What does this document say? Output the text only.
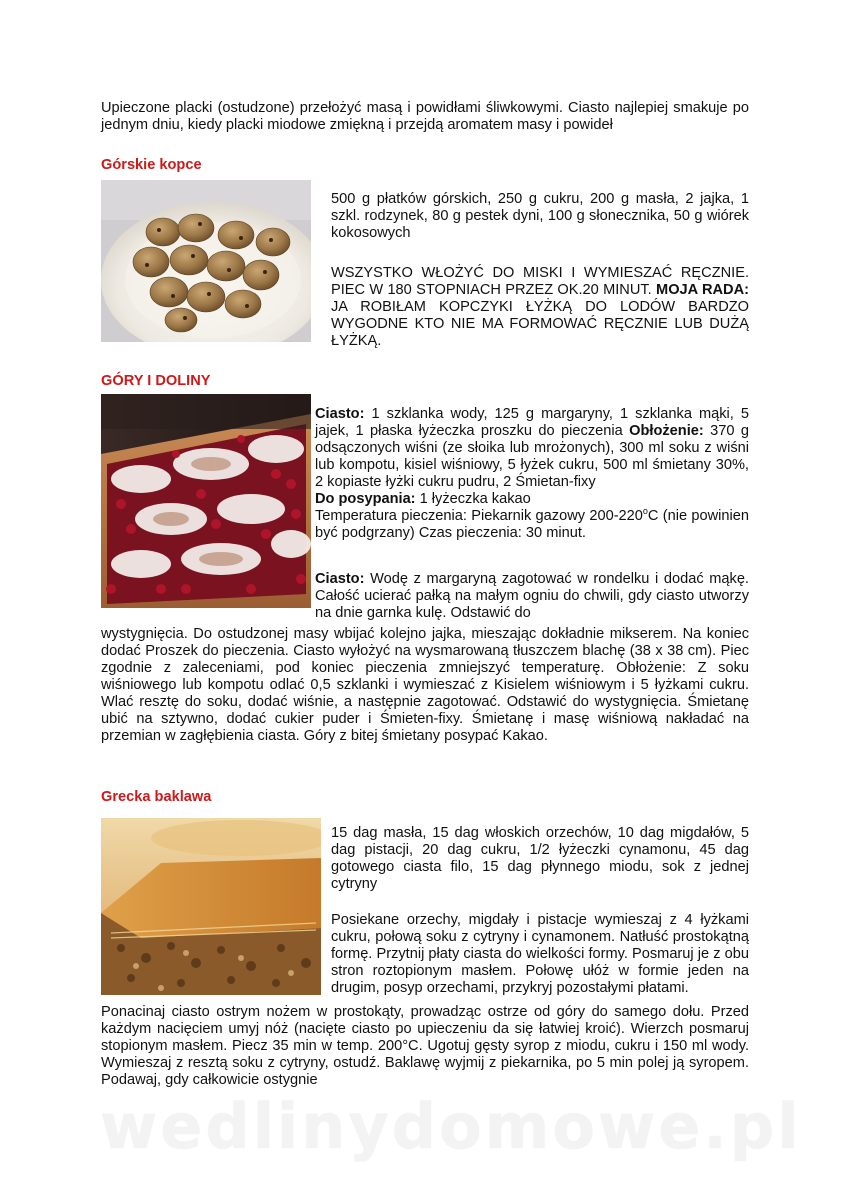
Upieczone placki (ostudzone) przełożyć masą i powidłami śliwkowymi. Ciasto najlepiej smakuje po jednym dniu, kiedy placki miodowe zmiękną i przejdą aromatem masy i powideł

Górskie kopce

500 g płatków górskich, 250 g cukru, 200 g masła, 2 jajka, 1 szkl. rodzynek, 80 g pestek dyni, 100 g słonecznika, 50 g wiórek kokosowych

WSZYSTKO WŁOŻYĆ DO MISKI I WYMIESZAĆ RĘCZNIE. PIEC W 180 STOPNIACH PRZEZ OK.20 MINUT. MOJA RADA: JA ROBIŁAM KOPCZYKI ŁYŻKĄ DO LODÓW BARDZO WYGODNE KTO NIE MA FORMOWAĆ RĘCZNIE LUB DUŻĄ ŁYŻKĄ.

GÓRY I DOLINY

Ciasto: 1 szklanka wody, 125 g margaryny, 1 szklanka mąki, 5 jajek, 1 płaska łyżeczka proszku do pieczenia Obłożenie: 370 g odsączonych wiśni (ze słoika lub mrożonych), 300 ml soku z wiśni lub kompotu, kisiel wiśniowy, 5 łyżek cukru, 500 ml śmietany 30%, 2 kopiaste łyżki cukru pudru, 2 Śmietan-fixy
Do posypania: 1 łyżeczka kakao
Temperatura pieczenia: Piekarnik gazowy 200-220$^o$C (nie powinien być podgrzany) Czas pieczenia: 30 minut.

Ciasto: Wodę z margaryną zagotować w rondelku i dodać mąkę. Całość ucierać pałką na małym ogniu do chwili, gdy ciasto utworzy na dnie garnka kulę. Odstawić do

wystygnięcia. Do ostudzonej masy wbijać kolejno jajka, mieszając dokładnie mikserem. Na koniec dodać Proszek do pieczenia. Ciasto wyłożyć na wysmarowaną tłuszczem blachę (38 x 38 cm). Piec zgodnie z zaleceniami, pod koniec pieczenia zmniejszyć temperaturę. Obłożenie: Z soku wiśniowego lub kompotu odlać 0,5 szklanki i wymieszać z Kisielem wiśniowym i 5 łyżkami cukru. Wlać resztę do soku, dodać wiśnie, a następnie zagotować. Odstawić do wystygnięcia. Śmietanę ubić na sztywno, dodać cukier puder i Śmieten-fixy. Śmietanę i masę wiśniową nakładać na przemian w zagłębienia ciasta. Góry z bitej śmietany posypać Kakao.

Grecka baklawa

15 dag masła, 15 dag włoskich orzechów, 10 dag migdałów, 5 dag pistacji, 20 dag cukru, 1/2 łyżeczki cynamonu, 45 dag gotowego ciasta filo, 15 dag płynnego miodu, sok z jednej cytryny

Posiekane orzechy, migdały i pistacje wymieszaj z 4 łyżkami cukru, połową soku z cytryny i cynamonem. Natłuść prostokątną formę. Przytnij płaty ciasta do wielkości formy. Posmaruj je z obu stron roztopionym masłem. Połowę ułóż w formie jeden na drugim, posyp orzechami, przykryj pozostałymi płatami.

Ponacinaj ciasto ostrym nożem w prostokąty, prowadząc ostrze od góry do samego dołu. Przed każdym nacięciem umyj nóż (nacięte ciasto po upieczeniu da się łatwiej kroić). Wierzch posmaruj stopionym masłem. Piecz 35 min w temp. 200°C. Ugotuj gęsty syrop z miodu, cukru i 150 ml wody. Wymieszaj z resztą soku z cytryny, ostudź. Baklawę wyjmij z piekarnika, po 5 min polej ją syropem. Podawaj, gdy całkowicie ostygnie

wedlinydomowe.pl
